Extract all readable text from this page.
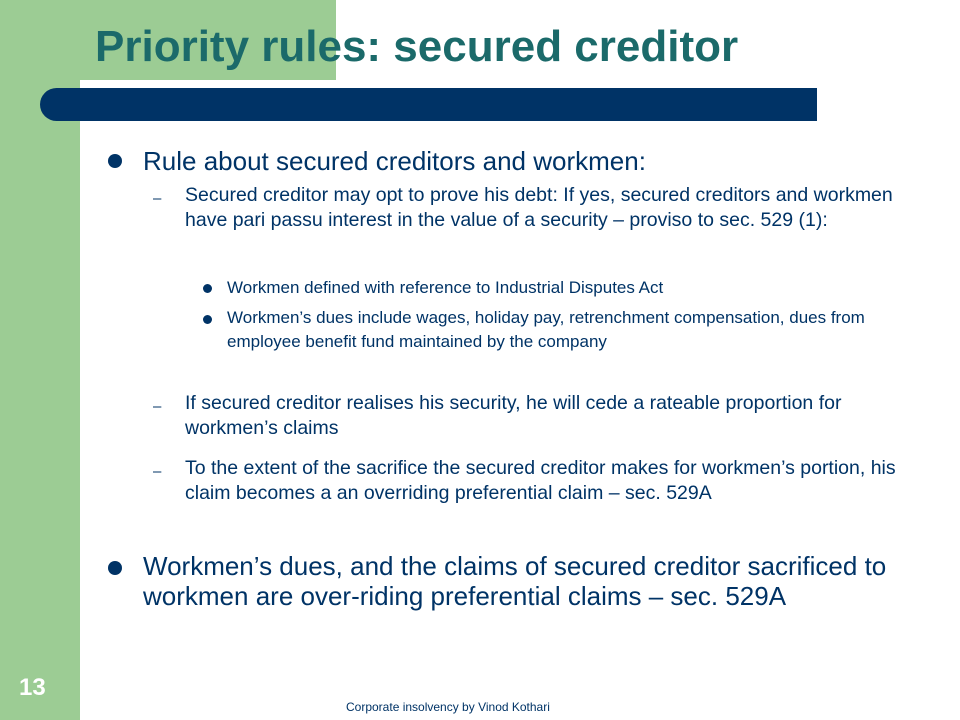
Priority rules: secured creditor
Rule about secured creditors and workmen:
– Secured creditor may opt to prove his debt: If yes, secured creditors and workmen have pari passu interest in the value of a security – proviso to sec. 529 (1):
Workmen defined with reference to Industrial Disputes Act
Workmen’s dues include wages, holiday pay, retrenchment compensation, dues from employee benefit fund maintained by the company
– If secured creditor realises his security, he will cede a rateable proportion for workmen’s claims
– To the extent of the sacrifice the secured creditor makes for workmen’s portion, his claim becomes a an overriding preferential claim – sec. 529A
Workmen’s dues, and the claims of secured creditor sacrificed to workmen are over-riding preferential claims – sec. 529A
13
Corporate insolvency by Vinod Kothari
